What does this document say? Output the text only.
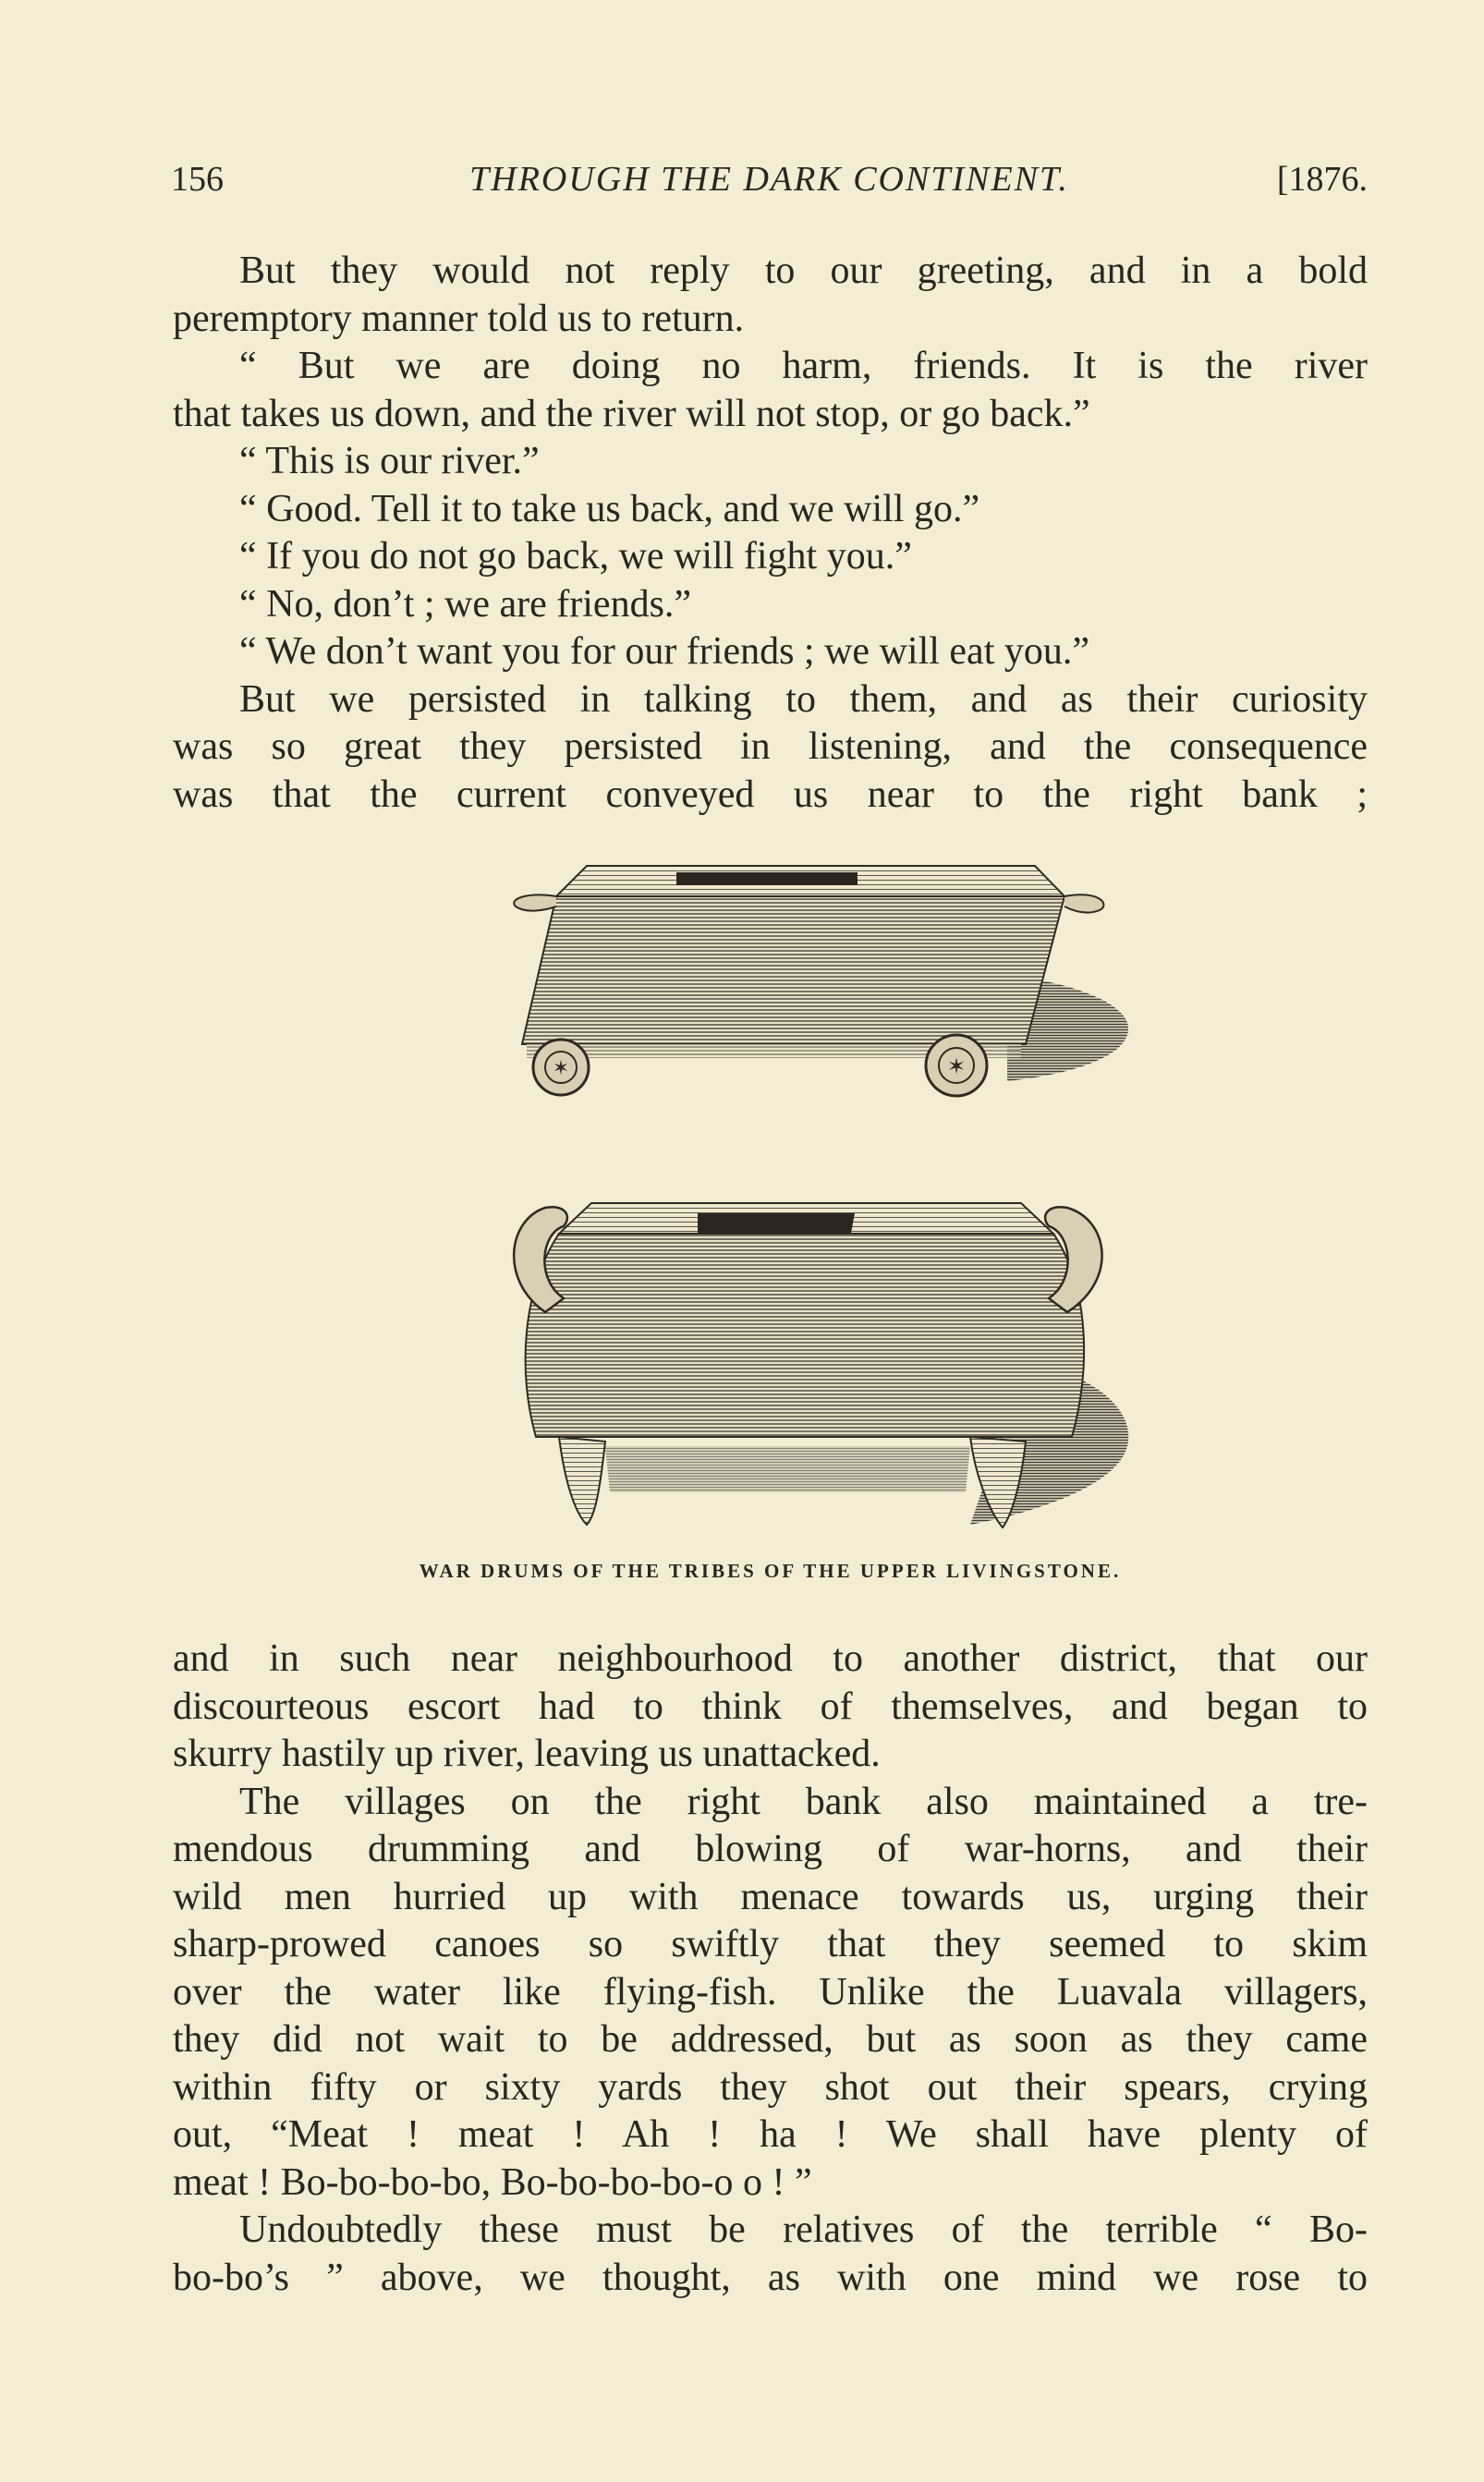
156	THROUGH THE DARK CONTINENT.	[1876.
But they would not reply to our greeting, and in a bold
peremptory manner told us to return.
“ But we are doing no harm, friends. It is the river
that takes us down, and the river will not stop, or go back.”
“ This is our river.”
“ Good. Tell it to take us back, and we will go.”
“ If you do not go back, we will fight you.”
“ No, don’t ; we are friends.”
“ We don’t want you for our friends ; we will eat you.”
But we persisted in talking to them, and as their curiosity
was so great they persisted in listening, and the consequence
was that the current conveyed us near to the right bank ;
✶	✶
WAR DRUMS OF THE TRIBES OF THE UPPER LIVINGSTONE.
and in such near neighbourhood to another district, that our
discourteous escort had to think of themselves, and began to
skurry hastily up river, leaving us unattacked.
The villages on the right bank also maintained a tre-
mendous drumming and blowing of war-horns, and their
wild men hurried up with menace towards us, urging their
sharp-prowed canoes so swiftly that they seemed to skim
over the water like flying-fish. Unlike the Luavala villagers,
they did not wait to be addressed, but as soon as they came
within fifty or sixty yards they shot out their spears, crying
out, “Meat ! meat ! Ah ! ha ! We shall have plenty of
meat ! Bo-bo-bo-bo, Bo-bo-bo-bo-o o ! ”
Undoubtedly these must be relatives of the terrible “ Bo-
bo-bo’s ” above, we thought, as with one mind we rose to
